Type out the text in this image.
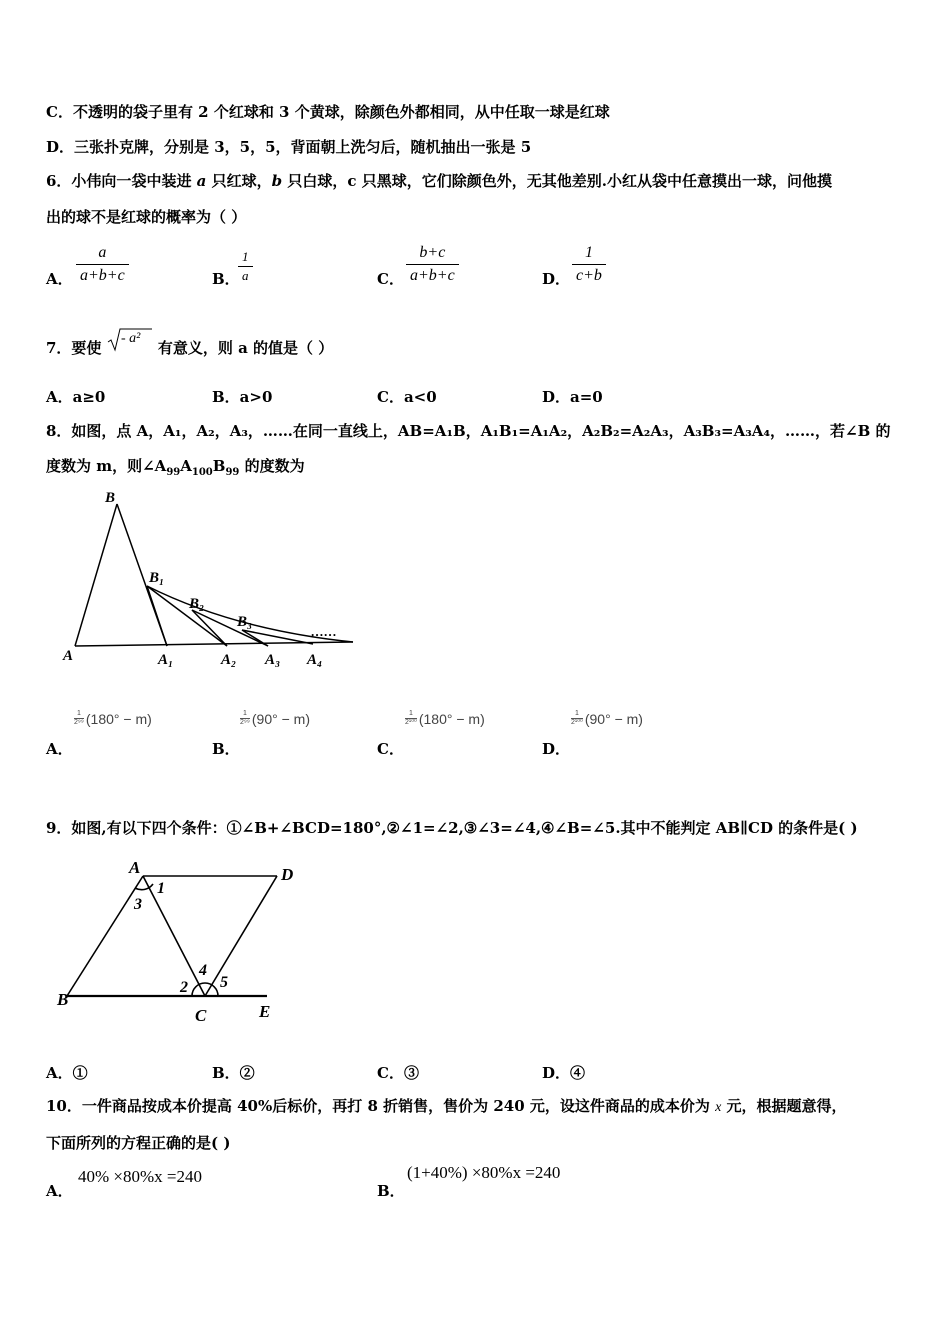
C．不透明的袋子里有 2 个红球和 3 个黄球，除颜色外都相同，从中任取一球是红球
D．三张扑克牌，分别是 3，5，5，背面朝上洗匀后，随机抽出一张是 5
6．小伟向一袋中装进 a 只红球，b 只白球，c 只黑球，它们除颜色外，无其他差别.小红从袋中任意摸出一球，问他摸
出的球不是红球的概率为（ ）
A． $\frac{a}{a+b+c}$	B．
$\frac{1}{a}$	C． $\frac{b+c}{a+b+c}$	D． $\frac{1}{c+b}$
7．要使	有意义，则 a 的值是（ ）
- a²
A．a≥0	B．a>0	C．a<0	D．a=0
8．如图，点 A，A₁，A₂，A₃，……在同一直线上，AB=A₁B，A₁B₁=A₁A₂，A₂B₂=A₂A₃，A₃B₃=A₃A₄，……，若∠B 的
度数为 m，则$\angle A_{99}A_{100}B_{99}$ 的度数为
B
B₁
B₂
B₃
……
A	A₁	A₂ A₃ A₄
$\frac{1}{\text{2⁹⁹}} (180^\circ - m)$	$\frac{1}{\text{2⁹⁹}} (90^\circ - m)$	$\frac{1}{\text{2¹⁰⁰}} (180^\circ - m)$	$\frac{1}{\text{2¹⁰⁰}} (90^\circ - m)$
A．	B．	C．	D．
9．如图,有以下四个条件：①∠B+∠BCD=180°,②∠1=∠2,③∠3=∠4,④∠B=∠5.其中不能判定 AB∥CD 的条件是( )
A	D
B
C	E
1
3
2
4
5
A．①	B．②	C．③	D．④
10．一件商品按成本价提高 40%后标价，再打 8 折销售，售价为 240 元，设这件商品的成本价为 x 元，根据题意得，
下面所列的方程正确的是( )
A．
40% ×80%x =240
B．
(1+40%) ×80%x =240
